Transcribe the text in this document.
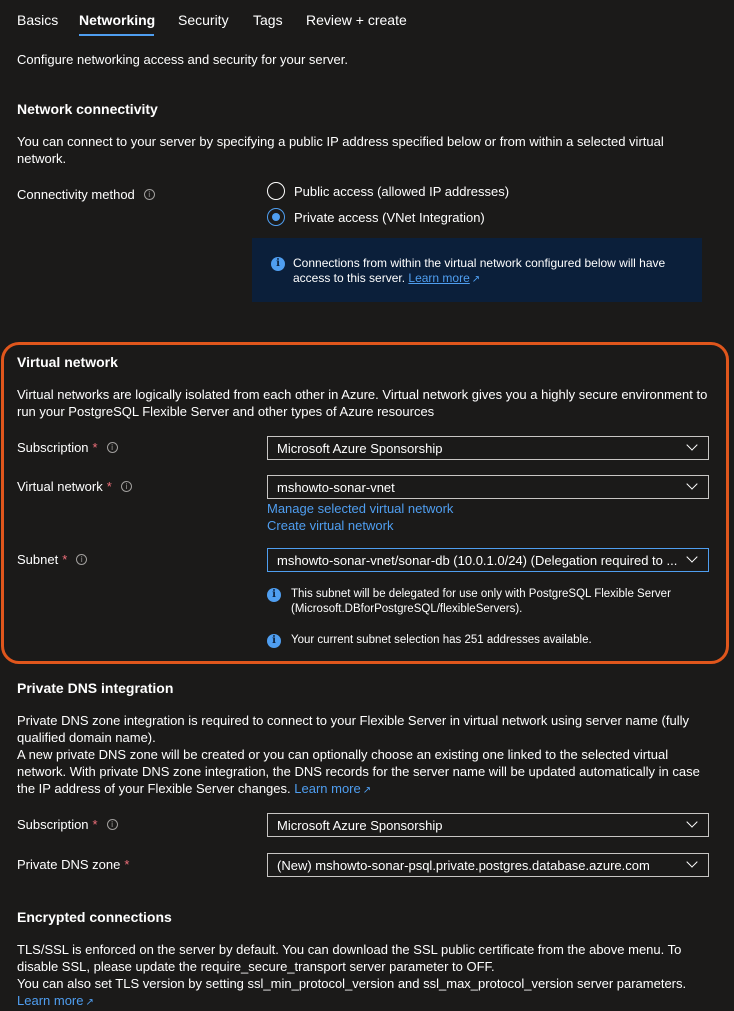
Basics Networking Security Tags Review + create
Configure networking access and security for your server.
Network connectivity
You can connect to your server by specifying a public IP address specified below or from within a selected virtual network.
Connectivity method	i	Public access (allowed IP addresses)
Private access (VNet Integration)
i	Connections from within the virtual network configured below will have access to this server. Learn more ↗
Virtual network
Virtual networks are logically isolated from each other in Azure. Virtual network gives you a highly secure environment to run your PostgreSQL Flexible Server and other types of Azure resources
Subscription *	i	Microsoft Azure Sponsorship
Virtual network *	i	mshowto-sonar-vnet
Manage selected virtual network
Create virtual network
Subnet *	i	mshowto-sonar-vnet/sonar-db (10.0.1.0/24) (Delegation required to ...
i	This subnet will be delegated for use only with PostgreSQL Flexible Server (Microsoft.DBforPostgreSQL/flexibleServers).
i	Your current subnet selection has 251 addresses available.
Private DNS integration
Private DNS zone integration is required to connect to your Flexible Server in virtual network using server name (fully qualified domain name).
A new private DNS zone will be created or you can optionally choose an existing one linked to the selected virtual network. With private DNS zone integration, the DNS records for the server name will be updated automatically in case the IP address of your Flexible Server changes. Learn more ↗
Subscription *	i	Microsoft Azure Sponsorship
Private DNS zone *	(New) mshowto-sonar-psql.private.postgres.database.azure.com
Encrypted connections
TLS/SSL is enforced on the server by default. You can download the SSL public certificate from the above menu. To disable SSL, please update the require_secure_transport server parameter to OFF.
You can also set TLS version by setting ssl_min_protocol_version and ssl_max_protocol_version server parameters. Learn more ↗
